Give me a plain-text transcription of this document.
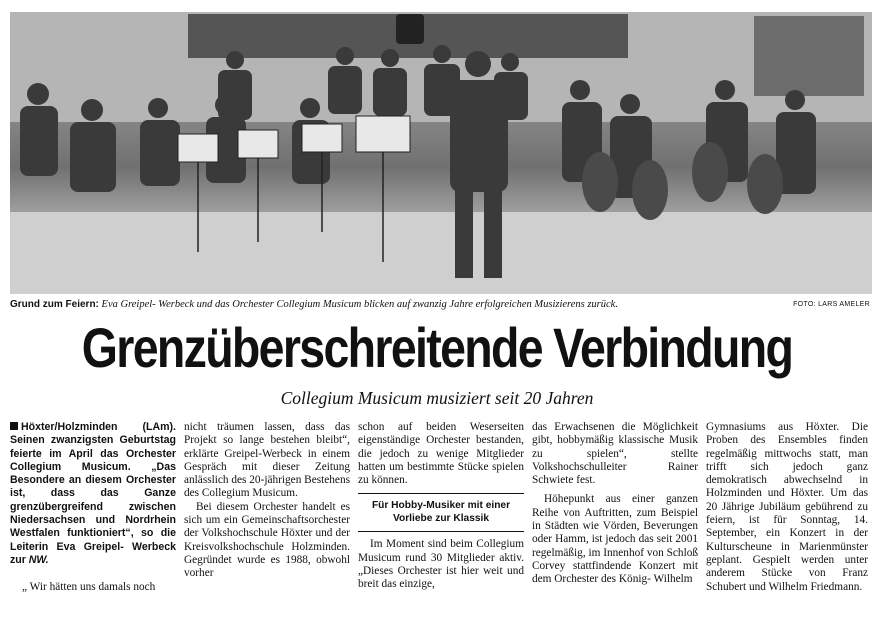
Grund zum Feiern: Eva Greipel- Werbeck und das Orchester Collegium Musicum blicken auf zwanzig Jahre erfolgreichen Musizierens zurück.	FOTO: LARS AMELER
Grenzüberschreitende Verbindung
Collegium Musicum musiziert seit 20 Jahren

Höxter/Holzminden (LAm). Seinen zwanzigsten Geburtstag feierte im April das Orchester Collegium Musicum. „Das Besondere an diesem Orchester ist, dass das Ganze grenzübergreifend zwischen Niedersachsen und Nordrhein Westfalen funktioniert“, so die Leiterin Eva Greipel- Werbeck zur NW.

„ Wir hätten uns damals noch

nicht träumen lassen, dass das Projekt so lange bestehen bleibt“, erklärte Greipel-Werbeck in einem Gespräch mit dieser Zeitung anlässlich des 20-jährigen Bestehens des Collegium Musicum.

Bei diesem Orchester handelt es sich um ein Gemeinschaftsorchester der Volkshochschule Höxter und der Kreisvolkshochschule Holzminden. Gegründet wurde es 1988, obwohl vorher

schon auf beiden Weserseiten eigenständige Orchester bestanden, die jedoch zu wenige Mitglieder hatten um bestimmte Stücke spielen zu können.

Für Hobby-Musiker mit einer Vorliebe zur Klassik

Im Moment sind beim Collegium Musicum rund 30 Mitglieder aktiv. „Dieses Orchester ist hier weit und breit das einzige,

das Erwachsenen die Möglichkeit gibt, hobbymäßig klassische Musik zu spielen“, stellte Volkshochschulleiter Rainer Schwiete fest.

Höhepunkt aus einer ganzen Reihe von Auftritten, zum Beispiel in Städten wie Vörden, Beverungen oder Hamm, ist jedoch das seit 2001 regelmäßig, im Innenhof von Schloß Corvey stattfindende Konzert mit dem Orchester des König- Wilhelm

Gymnasiums aus Höxter. Die Proben des Ensembles finden regelmäßig mittwochs statt, man trifft sich jedoch ganz demokratisch abwechselnd in Holzminden und Höxter. Um das 20 Jährige Jubiläum gebührend zu feiern, ist für Sonntag, 14. September, ein Konzert in der Kulturscheune in Marienmünster geplant. Gespielt werden unter anderem Stücke von Franz Schubert und Wilhelm Friedmann.
